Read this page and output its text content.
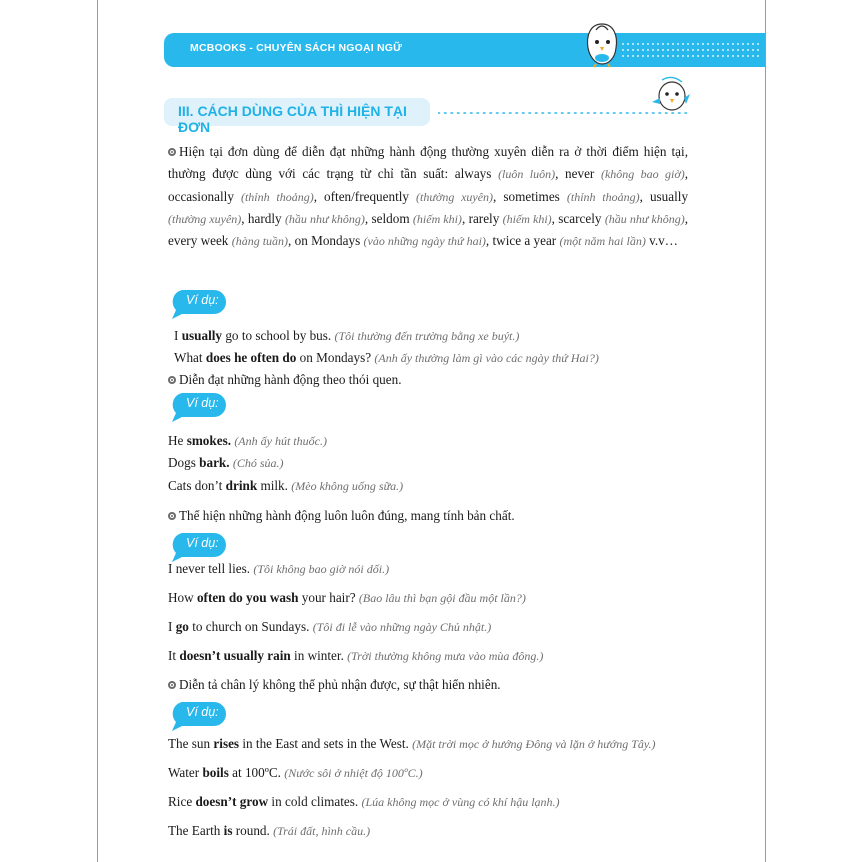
MCBOOKS - CHUYÊN SÁCH NGOẠI NGỮ
III. CÁCH DÙNG CỦA THÌ HIỆN TẠI ĐƠN
Hiện tại đơn dùng để diễn đạt những hành động thường xuyên diễn ra ở thời điểm hiện tại, thường được dùng với các trạng từ chỉ tần suất: always (luôn luôn), never (không bao giờ), occasionally (thỉnh thoảng), often/frequently (thường xuyên), sometimes (thỉnh thoảng), usually (thường xuyên), hardly (hầu như không), seldom (hiếm khi), rarely (hiếm khi), scarcely (hầu như không), every week (hàng tuần), on Mondays (vào những ngày thứ hai), twice a year (một năm hai lần) v.v…
Ví dụ:
I usually go to school by bus. (Tôi thường đến trường bằng xe buýt.)
What does he often do on Mondays? (Anh ấy thường làm gì vào các ngày thứ Hai?)
Diễn đạt những hành động theo thói quen.
Ví dụ:
He smokes. (Anh ấy hút thuốc.)
Dogs bark. (Chó sủa.)
Cats don’t drink milk. (Mèo không uống sữa.)
Thể hiện những hành động luôn luôn đúng, mang tính bản chất.
Ví dụ:
I never tell lies. (Tôi không bao giờ nói dối.)
How often do you wash your hair? (Bao lâu thì bạn gội đầu một lần?)
I go to church on Sundays. (Tôi đi lễ vào những ngày Chủ nhật.)
It doesn’t usually rain in winter. (Trời thường không mưa vào mùa đông.)
Diễn tả chân lý không thể phủ nhận được, sự thật hiển nhiên.
Ví dụ:
The sun rises in the East and sets in the West. (Mặt trời mọc ở hướng Đông và lặn ở hướng Tây.)
Water boils at 100ºC. (Nước sôi ở nhiệt độ 100ºC.)
Rice doesn’t grow in cold climates. (Lúa không mọc ở vùng có khí hậu lạnh.)
The Earth is round. (Trái đất, hình cầu.)
